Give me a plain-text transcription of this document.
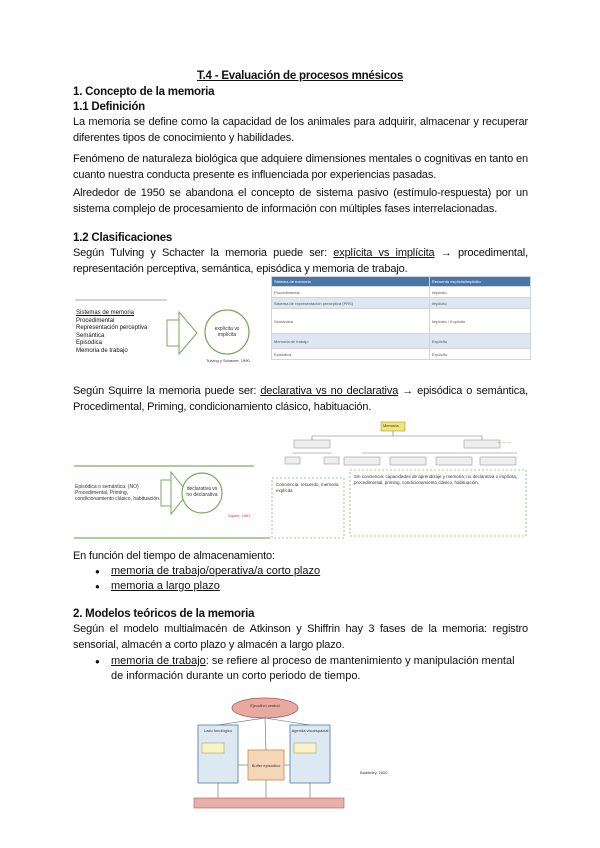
T.4 - Evaluación de procesos mnésicos
1. Concepto de la memoria
1.1 Definición
La memoria se define como la capacidad de los animales para adquirir, almacenar y recuperar diferentes tipos de conocimiento y habilidades.
Fenómeno de naturaleza biológica que adquiere dimensiones mentales o cognitivas en tanto en cuanto nuestra conducta presente es influenciada por experiencias pasadas.
Alrededor de 1950 se abandona el concepto de sistema pasivo (estímulo-respuesta) por un sistema complejo de procesamiento de información con múltiples fases interrelacionadas.
1.2 Clasificaciones
Según Tulving y Schacter la memoria puede ser: explícita vs implícita → procedimental, representación perceptiva, semántica, episódica y memoria de trabajo.
Sistemas de memoria
Procedimental
Representación perceptiva
Semántica
Episódica
Memoria de trabajo
explícita vs implícita
Tulving y Schacter, 1990
Sistema de memoria	Recuerdo explícito/implícito
Procedimental	Implícito
Sistema de representación perceptiva (PRS)	Implícito
Semántica	Implícito / Explícito
Memoria de trabajo	Explícito
Episódica	Explícito
Según Squirre la memoria puede ser: declarativa vs no declarativa → episódica o semántica, Procedimental, Priming, condicionamiento clásico, habituación.
— — —
Episódica o semántica. (NO) Procedimental, Priming, condicionamiento clásico, habituación.
declarativa vs no declarativa
Squire, 1987
Memoria
Conciencia: recuerdo, memoria explícita
Sin conciencia: capacidades de aprendizaje y memoria; no declarativa o implícita; procedimental, priming, condicionamiento clásico, habituación.
En función del tiempo de almacenamiento:
● memoria de trabajo/operativa/a corto plazo
● memoria a largo plazo
2. Modelos teóricos de la memoria
Según el modelo multialmacén de Atkinson y Shiffrin hay 3 fases de la memoria: registro sensorial, almacén a corto plazo y almacén a largo plazo.
● memoria de trabajo: se refiere al proceso de mantenimiento y manipulación mental de información durante un corto periodo de tiempo.
Ejecutivo central
Lazo fonológico	Agenda visoespacial
Buffer episódico
Baddeley, 2000
